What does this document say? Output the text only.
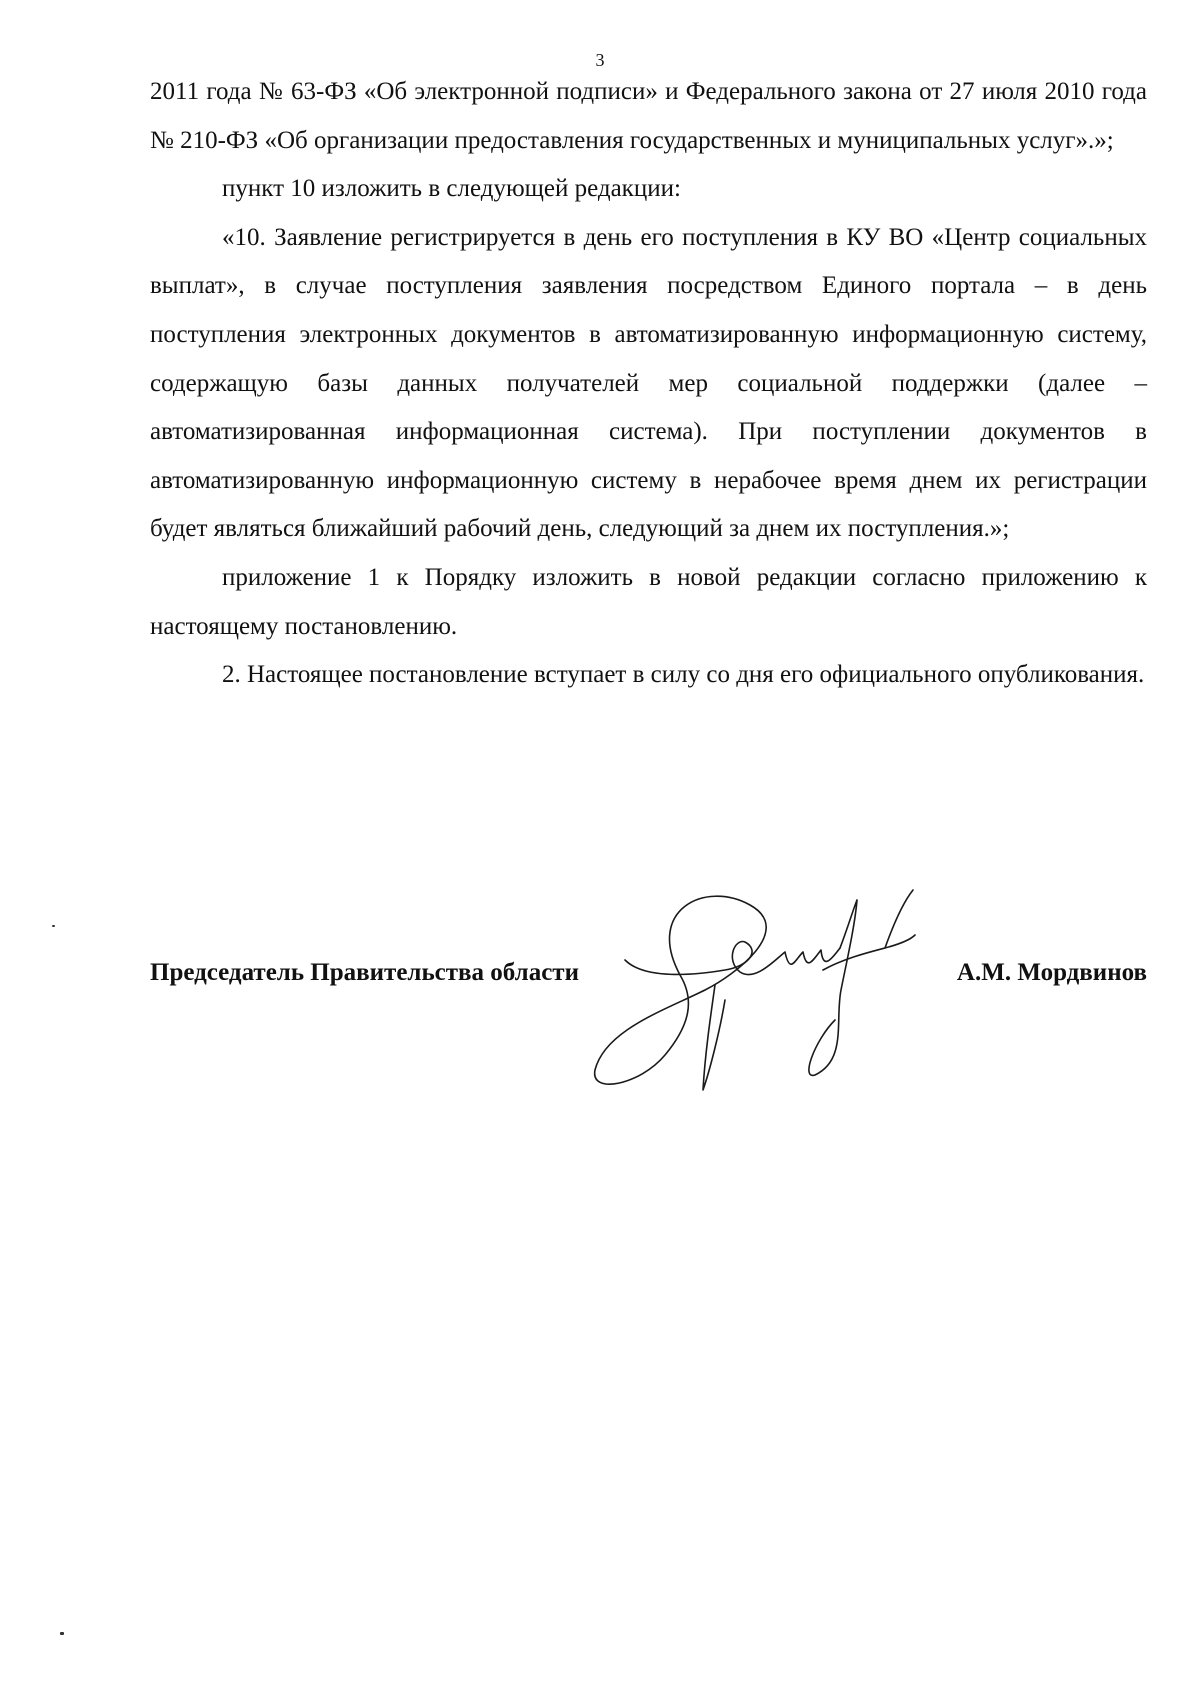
3

2011 года № 63-ФЗ «Об электронной подписи» и Федерального закона от 27 июля 2010 года № 210-ФЗ «Об организации предоставления государственных и муниципальных услуг».»;

пункт 10 изложить в следующей редакции:

«10. Заявление регистрируется в день его поступления в КУ ВО «Центр социальных выплат», в случае поступления заявления посредством Единого портала – в день поступления электронных документов в автоматизированную информационную систему, содержащую базы данных получателей мер социальной поддержки (далее – автоматизированная информационная система). При поступлении документов в автоматизированную информационную систему в нерабочее время днем их регистрации будет являться ближайший рабочий день, следующий за днем их поступления.»;

приложение 1 к Порядку изложить в новой редакции согласно приложению к настоящему постановлению.

2. Настоящее постановление вступает в силу со дня его официального опубликования.

Председатель Правительства области	А.М. Мордвинов
